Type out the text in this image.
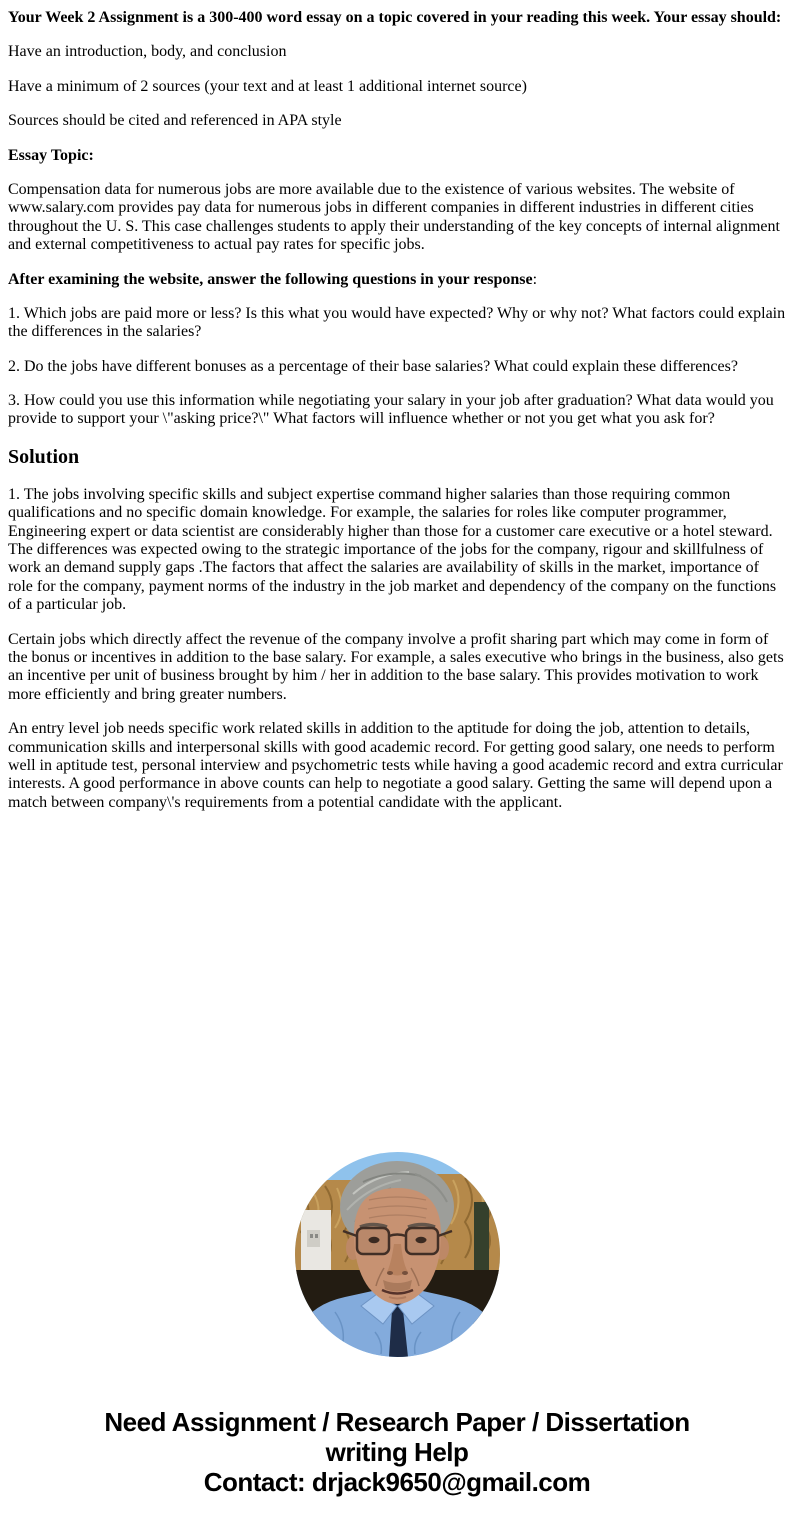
Your Week 2 Assignment is a 300-400 word essay on a topic covered in your reading this week. Your essay should:

Have an introduction, body, and conclusion

Have a minimum of 2 sources (your text and at least 1 additional internet source)

Sources should be cited and referenced in APA style

Essay Topic:

Compensation data for numerous jobs are more available due to the existence of various websites. The website of www.salary.com provides pay data for numerous jobs in different companies in different industries in different cities throughout the U. S. This case challenges students to apply their understanding of the key concepts of internal alignment and external competitiveness to actual pay rates for specific jobs.

After examining the website, answer the following questions in your response:

1. Which jobs are paid more or less? Is this what you would have expected? Why or why not? What factors could explain the differences in the salaries?

2. Do the jobs have different bonuses as a percentage of their base salaries? What could explain these differences?

3. How could you use this information while negotiating your salary in your job after graduation? What data would you provide to support your \"asking price?\" What factors will influence whether or not you get what you ask for?

Solution

1. The jobs involving specific skills and subject expertise command higher salaries than those requiring common qualifications and no specific domain knowledge. For example, the salaries for roles like computer programmer, Engineering expert or data scientist are considerably higher than those for a customer care executive or a hotel steward. The differences was expected owing to the strategic importance of the jobs for the company, rigour and skillfulness of work an demand supply gaps .The factors that affect the salaries are availability of skills in the market, importance of role for the company, payment norms of the industry in the job market and dependency of the company on the functions of a particular job.

Certain jobs which directly affect the revenue of the company involve a profit sharing part which may come in form of the bonus or incentives in addition to the base salary. For example, a sales executive who brings in the business, also gets an incentive per unit of business brought by him / her in addition to the base salary. This provides motivation to work more efficiently and bring greater numbers.

An entry level job needs specific work related skills in addition to the aptitude for doing the job, attention to details, communication skills and interpersonal skills with good academic record. For getting good salary, one needs to perform well in aptitude test, personal interview and psychometric tests while having a good academic record and extra curricular interests. A good performance in above counts can help to negotiate a good salary. Getting the same will depend upon a match between company\'s requirements from a potential candidate with the applicant.

Need Assignment / Research Paper / Dissertation
writing Help
Contact: drjack9650@gmail.com
